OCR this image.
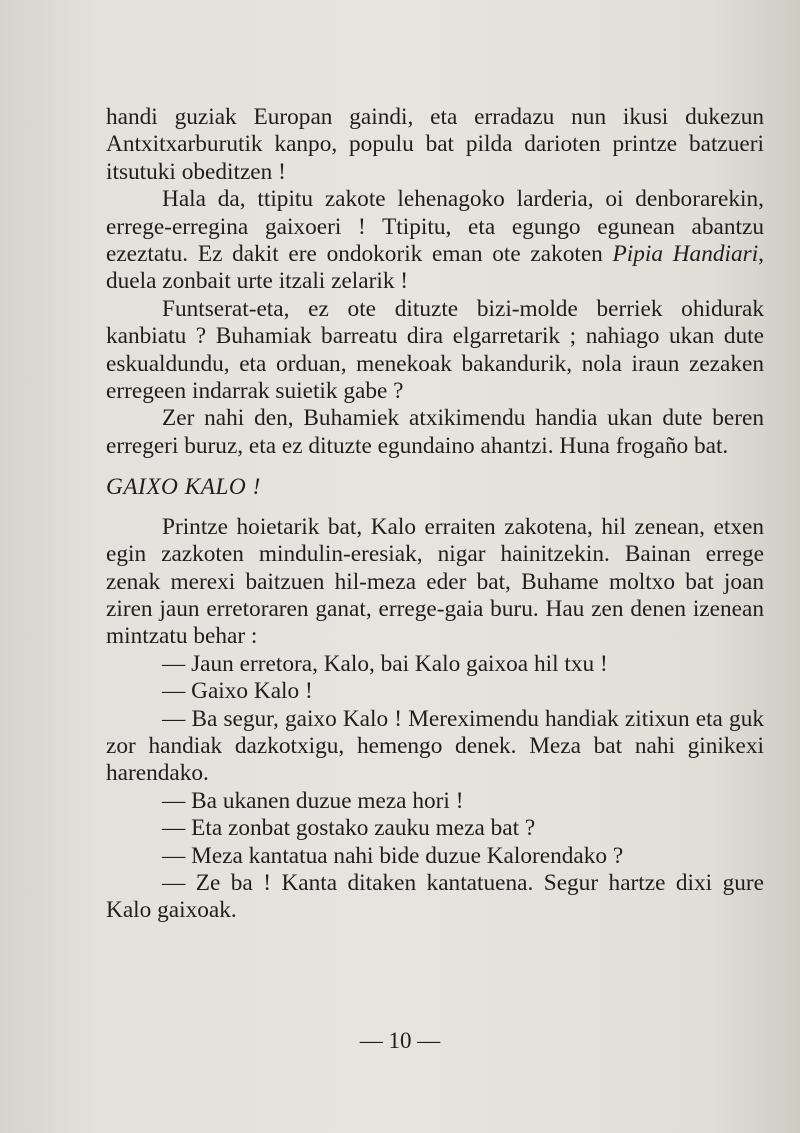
handi guziak Europan gaindi, eta erradazu nun ikusi dukezun Antxitxarburutik kanpo, populu bat pilda darioten printze batzueri itsutuki obeditzen !

Hala da, ttipitu zakote lehenagoko larderia, oi denborarekin, errege-erregina gaixoeri ! Ttipitu, eta egungo egunean abantzu ezeztatu. Ez dakit ere ondokorik eman ote zakoten Pipia Handiari, duela zonbait urte itzali zelarik !

Funtserat-eta, ez ote dituzte bizi-molde berriek ohidurak kanbiatu ? Buhamiak barreatu dira elgarretarik ; nahiago ukan dute eskualdundu, eta orduan, menekoak bakandurik, nola iraun zezaken erregeen indarrak suietik gabe ?

Zer nahi den, Buhamiek atxikimendu handia ukan dute beren erregeri buruz, eta ez dituzte egundaino ahantzi. Huna frogaño bat.

GAIXO KALO !

Printze hoietarik bat, Kalo erraiten zakotena, hil zenean, etxen egin zazkoten mindulin-eresiak, nigar hainitzekin. Bainan errege zenak merexi baitzuen hil-meza eder bat, Buhame moltxo bat joan ziren jaun erretoraren ganat, errege-gaia buru. Hau zen denen izenean mintzatu behar :

— Jaun erretora, Kalo, bai Kalo gaixoa hil txu !

— Gaixo Kalo !

— Ba segur, gaixo Kalo ! Mereximendu handiak zitixun eta guk zor handiak dazkotxigu, hemengo denek. Meza bat nahi ginikexi harendako.

— Ba ukanen duzue meza hori !

— Eta zonbat gostako zauku meza bat ?

— Meza kantatua nahi bide duzue Kalorendako ?

— Ze ba ! Kanta ditaken kantatuena. Segur hartze dixi gure Kalo gaixoak.

— 10 —
